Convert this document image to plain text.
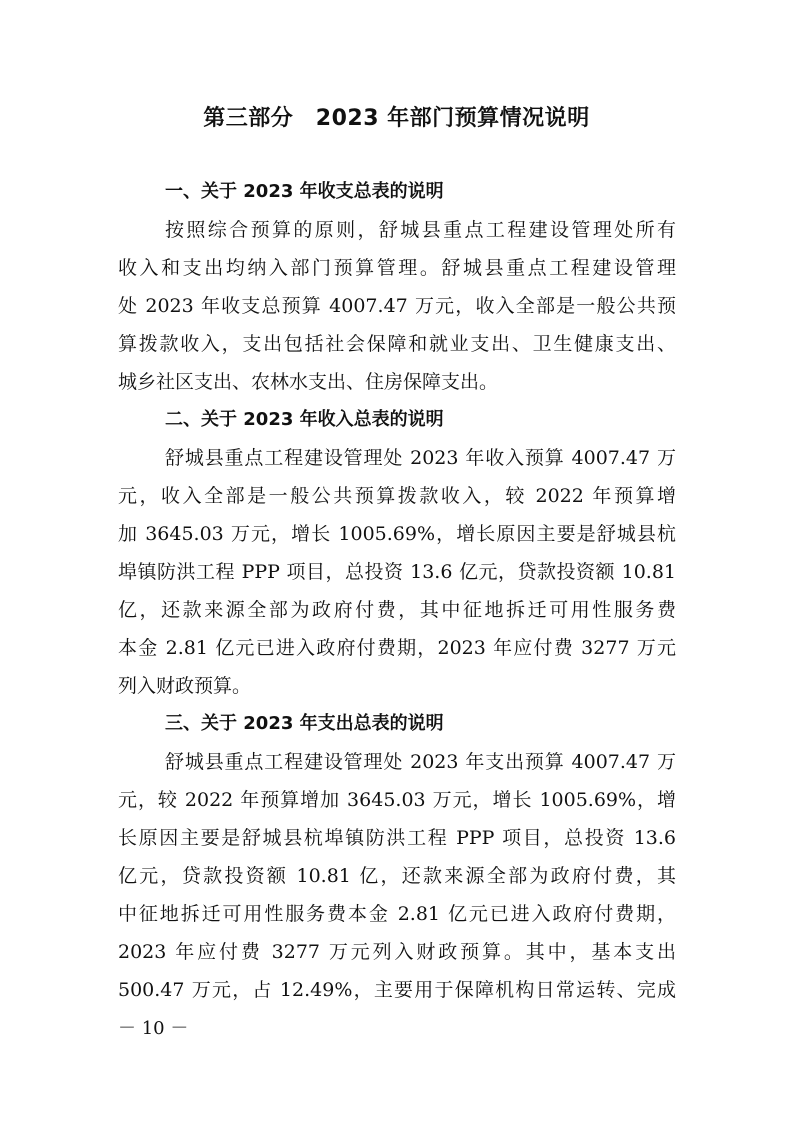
第三部分　2023 年部门预算情况说明
一、关于 2023 年收支总表的说明
按照综合预算的原则，舒城县重点工程建设管理处所有
收入和支出均纳入部门预算管理。舒城县重点工程建设管理
处 2023 年收支总预算 4007.47 万元，收入全部是一般公共预
算拨款收入，支出包括社会保障和就业支出、卫生健康支出、
城乡社区支出、农林水支出、住房保障支出。
二、关于 2023 年收入总表的说明
舒城县重点工程建设管理处 2023 年收入预算 4007.47 万
元，收入全部是一般公共预算拨款收入，较 2022 年预算增
加 3645.03 万元，增长 1005.69%，增长原因主要是舒城县杭
埠镇防洪工程 PPP 项目，总投资 13.6 亿元，贷款投资额 10.81
亿，还款来源全部为政府付费，其中征地拆迁可用性服务费
本金 2.81 亿元已进入政府付费期，2023 年应付费 3277 万元
列入财政预算。
三、关于 2023 年支出总表的说明
舒城县重点工程建设管理处 2023 年支出预算 4007.47 万
元，较 2022 年预算增加 3645.03 万元，增长 1005.69%，增
长原因主要是舒城县杭埠镇防洪工程 PPP 项目，总投资 13.6
亿元，贷款投资额 10.81 亿，还款来源全部为政府付费，其
中征地拆迁可用性服务费本金 2.81 亿元已进入政府付费期，
2023 年应付费 3277 万元列入财政预算。其中，基本支出
500.47 万元，占 12.49%，主要用于保障机构日常运转、完成
－ 10 －
